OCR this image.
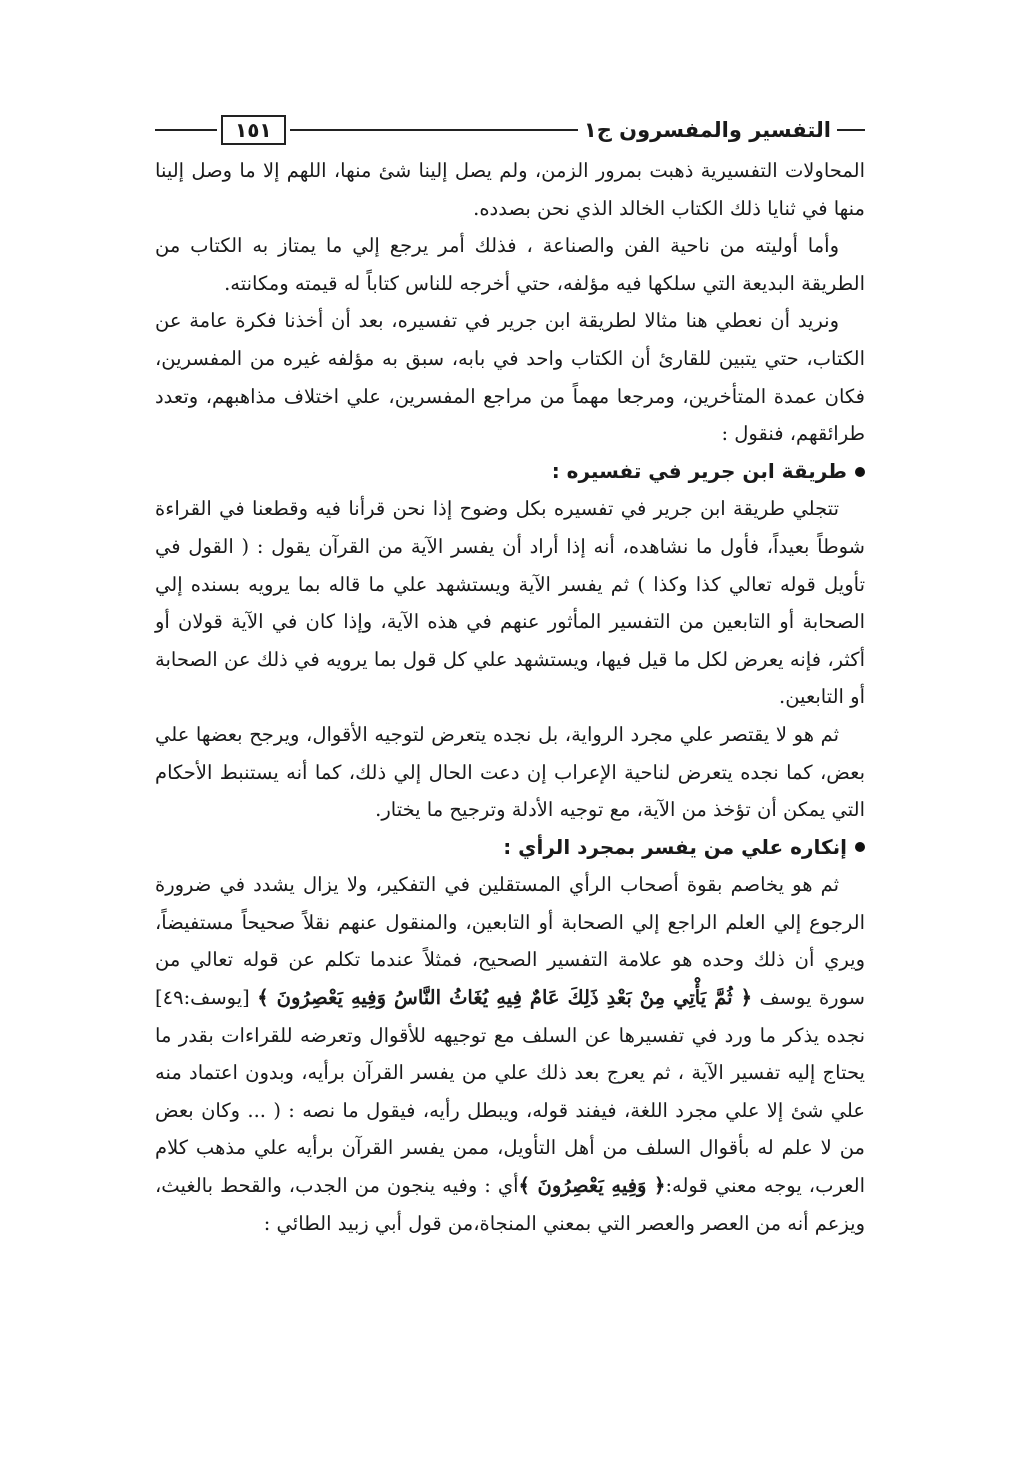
التفسير والمفسرون ج١
١٥١

المحاولات التفسيرية ذهبت بمرور الزمن، ولم يصل إلينا شئ منها، اللهم إلا ما وصل إلينا منها في ثنايا ذلك الكتاب الخالد الذي نحن بصدده.

وأما أوليته من ناحية الفن والصناعة ، فذلك أمر يرجع إلي ما يمتاز به الكتاب من الطريقة البديعة التي سلكها فيه مؤلفه، حتي أخرجه للناس كتاباً له قيمته ومكانته.

ونريد أن نعطي هنا مثالا لطريقة ابن جرير في تفسيره، بعد أن أخذنا فكرة عامة عن الكتاب، حتي يتبين للقارئ أن الكتاب واحد في بابه، سبق به مؤلفه غيره من المفسرين، فكان عمدة المتأخرين، ومرجعا مهماً من مراجع المفسرين، علي اختلاف مذاهبهم، وتعدد طرائقهم، فنقول :

طريقة ابن جرير في تفسيره :

تتجلي طريقة ابن جرير في تفسيره بكل وضوح إذا نحن قرأنا فيه وقطعنا في القراءة شوطاً بعيداً، فأول ما نشاهده، أنه إذا أراد أن يفسر الآية من القرآن يقول : ( القول في تأويل قوله تعالي كذا وكذا ) ثم يفسر الآية ويستشهد علي ما قاله بما يرويه بسنده إلي الصحابة أو التابعين من التفسير المأثور عنهم في هذه الآية، وإذا كان في الآية قولان أو أكثر، فإنه يعرض لكل ما قيل فيها، ويستشهد علي كل قول بما يرويه في ذلك عن الصحابة أو التابعين.

ثم هو لا يقتصر علي مجرد الرواية، بل نجده يتعرض لتوجيه الأقوال، ويرجح بعضها علي بعض، كما نجده يتعرض لناحية الإعراب إن دعت الحال إلي ذلك، كما أنه يستنبط الأحكام التي يمكن أن تؤخذ من الآية، مع توجيه الأدلة وترجيح ما يختار.

إنكاره علي من يفسر بمجرد الرأي :

ثم هو يخاصم بقوة أصحاب الرأي المستقلين في التفكير، ولا يزال يشدد في ضرورة الرجوع إلي العلم الراجع إلي الصحابة أو التابعين، والمنقول عنهم نقلاً صحيحاً مستفيضاً، ويري أن ذلك وحده هو علامة التفسير الصحيح، فمثلاً عندما تكلم عن قوله تعالي من سورة يوسف ﴿ ثُمَّ يَأْتِي مِنْ بَعْدِ ذَلِكَ عَامٌ فِيهِ يُغَاثُ النَّاسُ وَفِيهِ يَعْصِرُونَ ﴾ [يوسف:٤٩] نجده يذكر ما ورد في تفسيرها عن السلف مع توجيهه للأقوال وتعرضه للقراءات بقدر ما يحتاج إليه تفسير الآية ، ثم يعرج بعد ذلك علي من يفسر القرآن برأيه، وبدون اعتماد منه علي شئ إلا علي مجرد اللغة، فيفند قوله، ويبطل رأيه، فيقول ما نصه : ( ... وكان بعض من لا علم له بأقوال السلف من أهل التأويل، ممن يفسر القرآن برأيه علي مذهب كلام العرب، يوجه معني قوله:﴿ وَفِيهِ يَعْصِرُونَ ﴾أي : وفيه ينجون من الجدب، والقحط بالغيث، ويزعم أنه من العصر والعصر التي بمعني المنجاة،من قول أبي زبيد الطائي :
